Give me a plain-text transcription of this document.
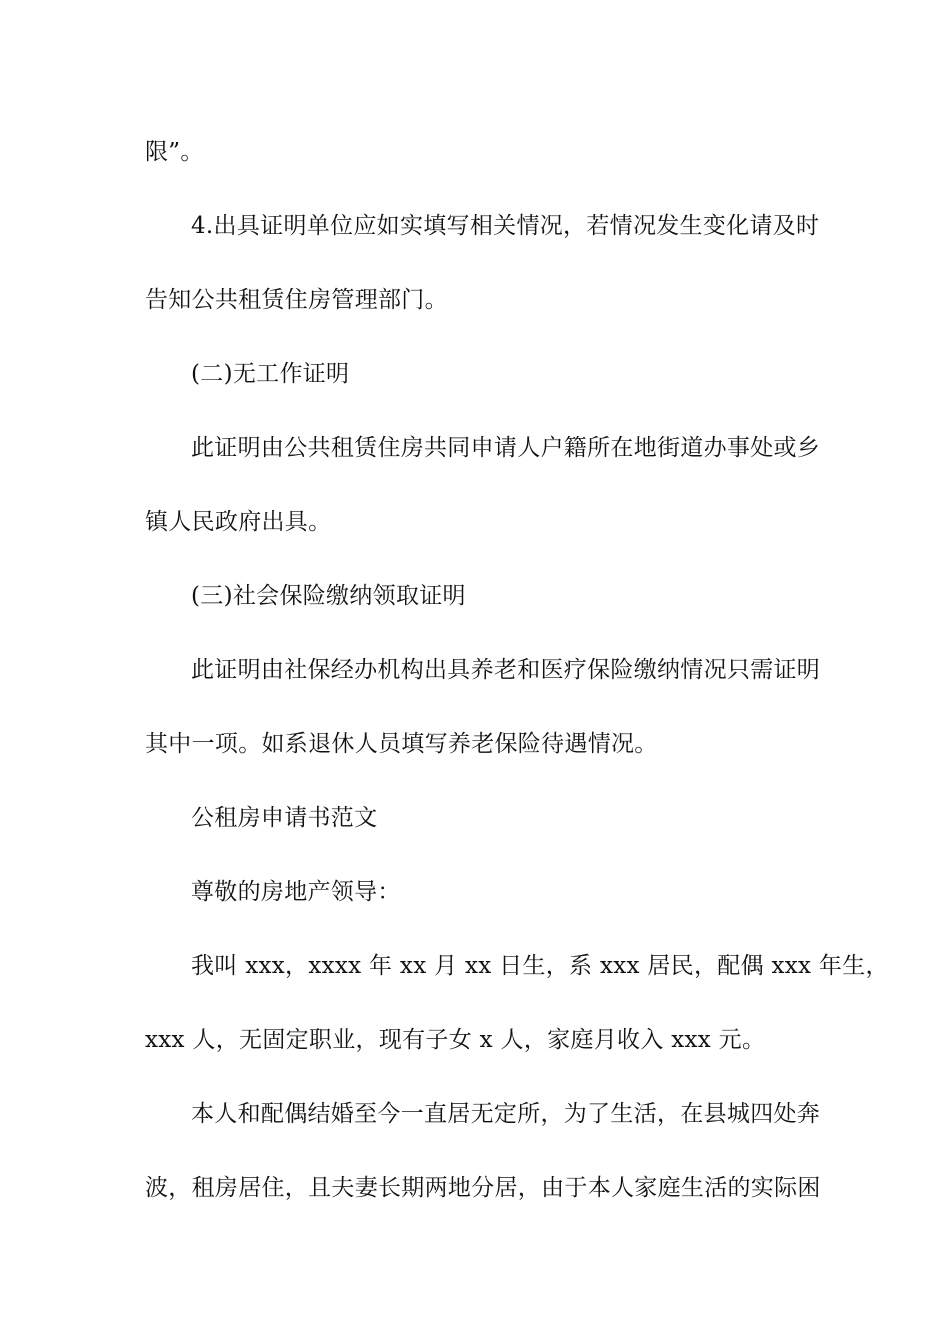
限”。
4.出具证明单位应如实填写相关情况，若情况发生变化请及时
告知公共租赁住房管理部门。
(二)无工作证明
此证明由公共租赁住房共同申请人户籍所在地街道办事处或乡
镇人民政府出具。
(三)社会保险缴纳领取证明
此证明由社保经办机构出具养老和医疗保险缴纳情况只需证明
其中一项。如系退休人员填写养老保险待遇情况。
公租房申请书范文
尊敬的房地产领导：
我叫 xxx，xxxx 年 xx 月 xx 日生，系 xxx 居民，配偶 xxx 年生，
xxx 人，无固定职业，现有子女 x 人，家庭月收入 xxx 元。
本人和配偶结婚至今一直居无定所，为了生活，在县城四处奔
波，租房居住，且夫妻长期两地分居，由于本人家庭生活的实际困
